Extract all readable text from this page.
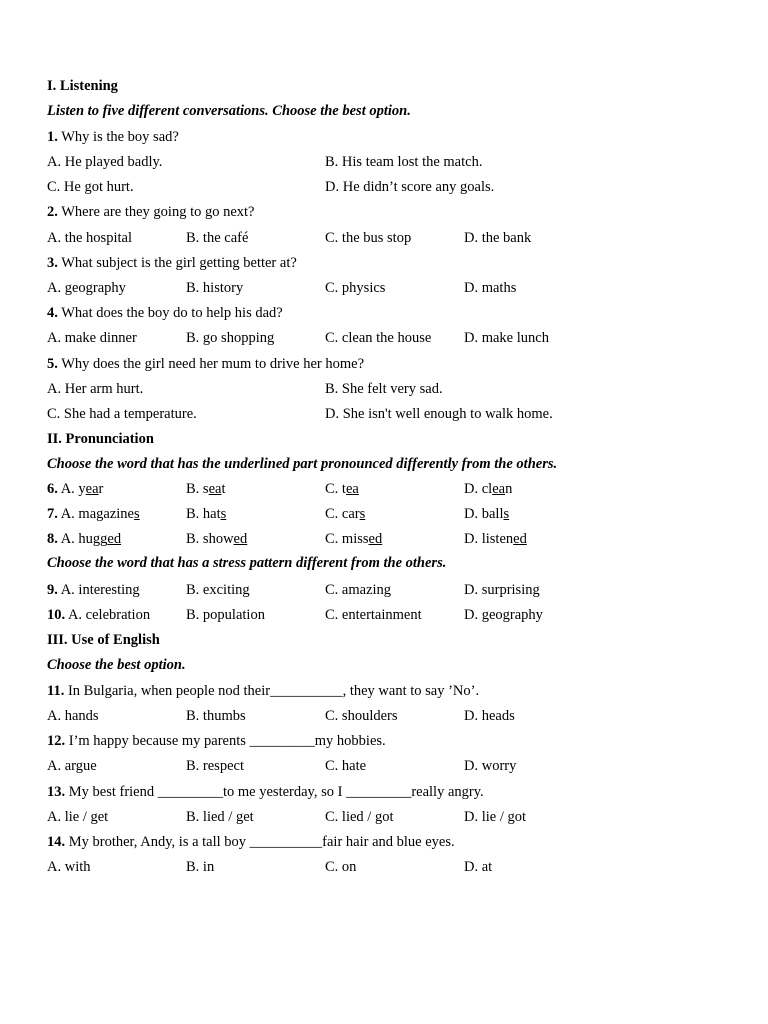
I. Listening
Listen to five different conversations. Choose the best option.
1. Why is the boy sad?
A. He played badly.	B. His team lost the match.
C. He got hurt.	D. He didn’t score any goals.
2. Where are they going to go next?
A. the hospital	B. the café	C. the bus stop	D. the bank
3. What subject is the girl getting better at?
A. geography	B. history	C. physics	D. maths
4. What does the boy do to help his dad?
A. make dinner	B. go shopping	C. clean the house D. make lunch
5. Why does the girl need her mum to drive her home?
A. Her arm hurt.	B. She felt very sad.
C. She had a temperature.	D. She isn't well enough to walk home.
II. Pronunciation
Choose the word that has the underlined part pronounced differently from the others.
6. A. year	B. seat	C. tea	D. clean
7. A. magazines	B. hats	C. cars	D. balls
8. A. hugged	B. showed	C. missed	D. listened
Choose the word that has a stress pattern different from the others.
9. A. interesting	B. exciting	C. amazing	D. surprising
10. A. celebration B. population	C. entertainment	D. geography
III. Use of English
Choose the best option.
11. In Bulgaria, when people nod their__________, they want to say ’No’.
A. hands	B. thumbs	C. shoulders	D. heads
12. I’m happy because my parents _________my hobbies.
A. argue	B. respect	C. hate	D. worry
13. My best friend _________to me yesterday, so I _________really angry.
A. lie / get	B. lied / get	C. lied / got	D. lie / got
14. My brother, Andy, is a tall boy __________fair hair and blue eyes.
A. with	B. in	C. on	D. at
